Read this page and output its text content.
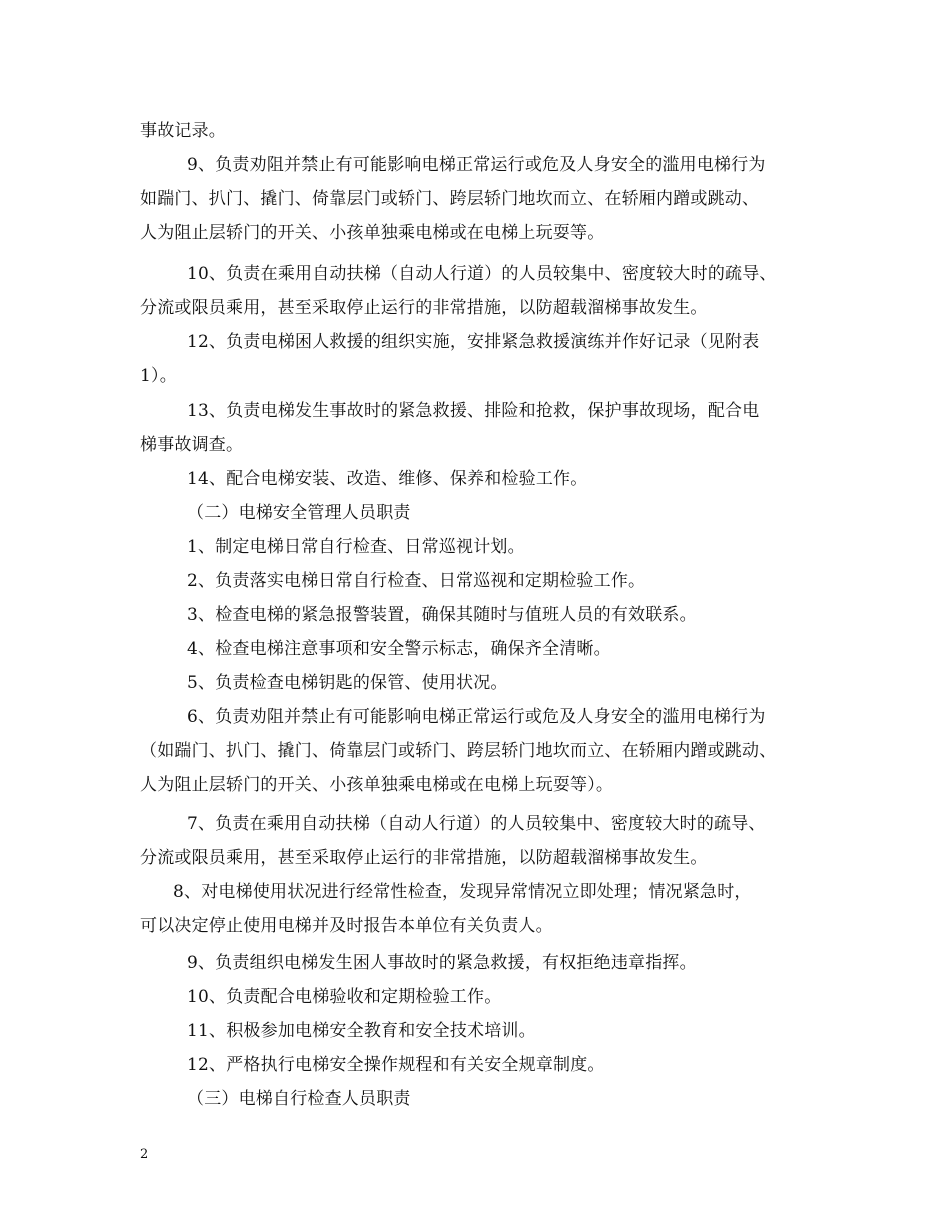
事故记录。
9、负责劝阻并禁止有可能影响电梯正常运行或危及人身安全的滥用电梯行为
如踹门、扒门、撬门、倚靠层门或轿门、跨层轿门地坎而立、在轿厢内蹭或跳动、
人为阻止层轿门的开关、小孩单独乘电梯或在电梯上玩耍等。
10、负责在乘用自动扶梯（自动人行道）的人员较集中、密度较大时的疏导、
分流或限员乘用，甚至采取停止运行的非常措施，以防超载溜梯事故发生。
12、负责电梯困人救援的组织实施，安排紧急救援演练并作好记录（见附表
1）。
13、负责电梯发生事故时的紧急救援、排险和抢救，保护事故现场，配合电
梯事故调查。
14、配合电梯安装、改造、维修、保养和检验工作。
（二）电梯安全管理人员职责
1、制定电梯日常自行检查、日常巡视计划。
2、负责落实电梯日常自行检查、日常巡视和定期检验工作。
3、检查电梯的紧急报警装置，确保其随时与值班人员的有效联系。
4、检查电梯注意事项和安全警示标志，确保齐全清晰。
5、负责检查电梯钥匙的保管、使用状况。
6、负责劝阻并禁止有可能影响电梯正常运行或危及人身安全的滥用电梯行为
（如踹门、扒门、撬门、倚靠层门或轿门、跨层轿门地坎而立、在轿厢内蹭或跳动、
人为阻止层轿门的开关、小孩单独乘电梯或在电梯上玩耍等）。
7、负责在乘用自动扶梯（自动人行道）的人员较集中、密度较大时的疏导、
分流或限员乘用，甚至采取停止运行的非常措施，以防超载溜梯事故发生。
8、对电梯使用状况进行经常性检查，发现异常情况立即处理；情况紧急时，
可以决定停止使用电梯并及时报告本单位有关负责人。
9、负责组织电梯发生困人事故时的紧急救援，有权拒绝违章指挥。
10、负责配合电梯验收和定期检验工作。
11、积极参加电梯安全教育和安全技术培训。
12、严格执行电梯安全操作规程和有关安全规章制度。
（三）电梯自行检查人员职责
2
